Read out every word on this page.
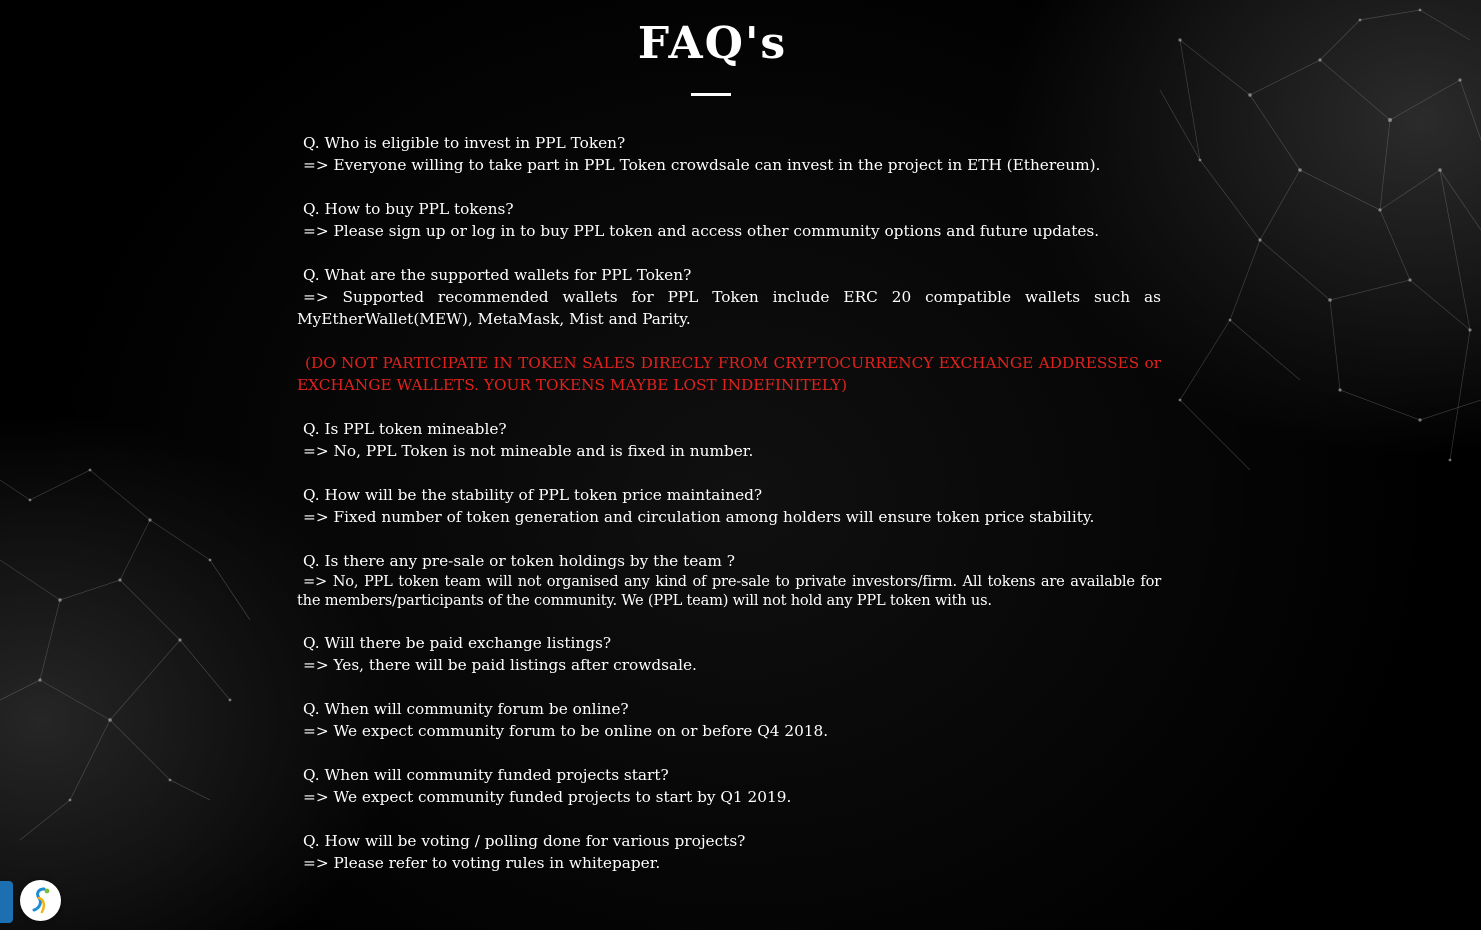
FAQ's
Q. Who is eligible to invest in PPL Token?
=> Everyone willing to take part in PPL Token crowdsale can invest in the project in ETH (Ethereum).
Q. How to buy PPL tokens?
=> Please sign up or log in to buy PPL token and access other community options and future updates.
Q. What are the supported wallets for PPL Token?
=> Supported recommended wallets for PPL Token include ERC 20 compatible wallets such as MyEtherWallet(MEW), MetaMask, Mist and Parity.
(DO NOT PARTICIPATE IN TOKEN SALES DIRECLY FROM CRYPTOCURRENCY EXCHANGE ADDRESSES or EXCHANGE WALLETS. YOUR TOKENS MAYBE LOST INDEFINITELY)
Q. Is PPL token mineable?
=> No, PPL Token is not mineable and is fixed in number.
Q. How will be the stability of PPL token price maintained?
=> Fixed number of token generation and circulation among holders will ensure token price stability.
Q. Is there any pre-sale or token holdings by the team ?
=> No, PPL token team will not organised any kind of pre-sale to private investors/firm. All tokens are available for the members/participants of the community. We (PPL team) will not hold any PPL token with us.
Q. Will there be paid exchange listings?
=> Yes, there will be paid listings after crowdsale.
Q. When will community forum be online?
=> We expect community forum to be online on or before Q4 2018.
Q. When will community funded projects start?
=> We expect community funded projects to start by Q1 2019.
Q. How will be voting / polling done for various projects?
=> Please refer to voting rules in whitepaper.
